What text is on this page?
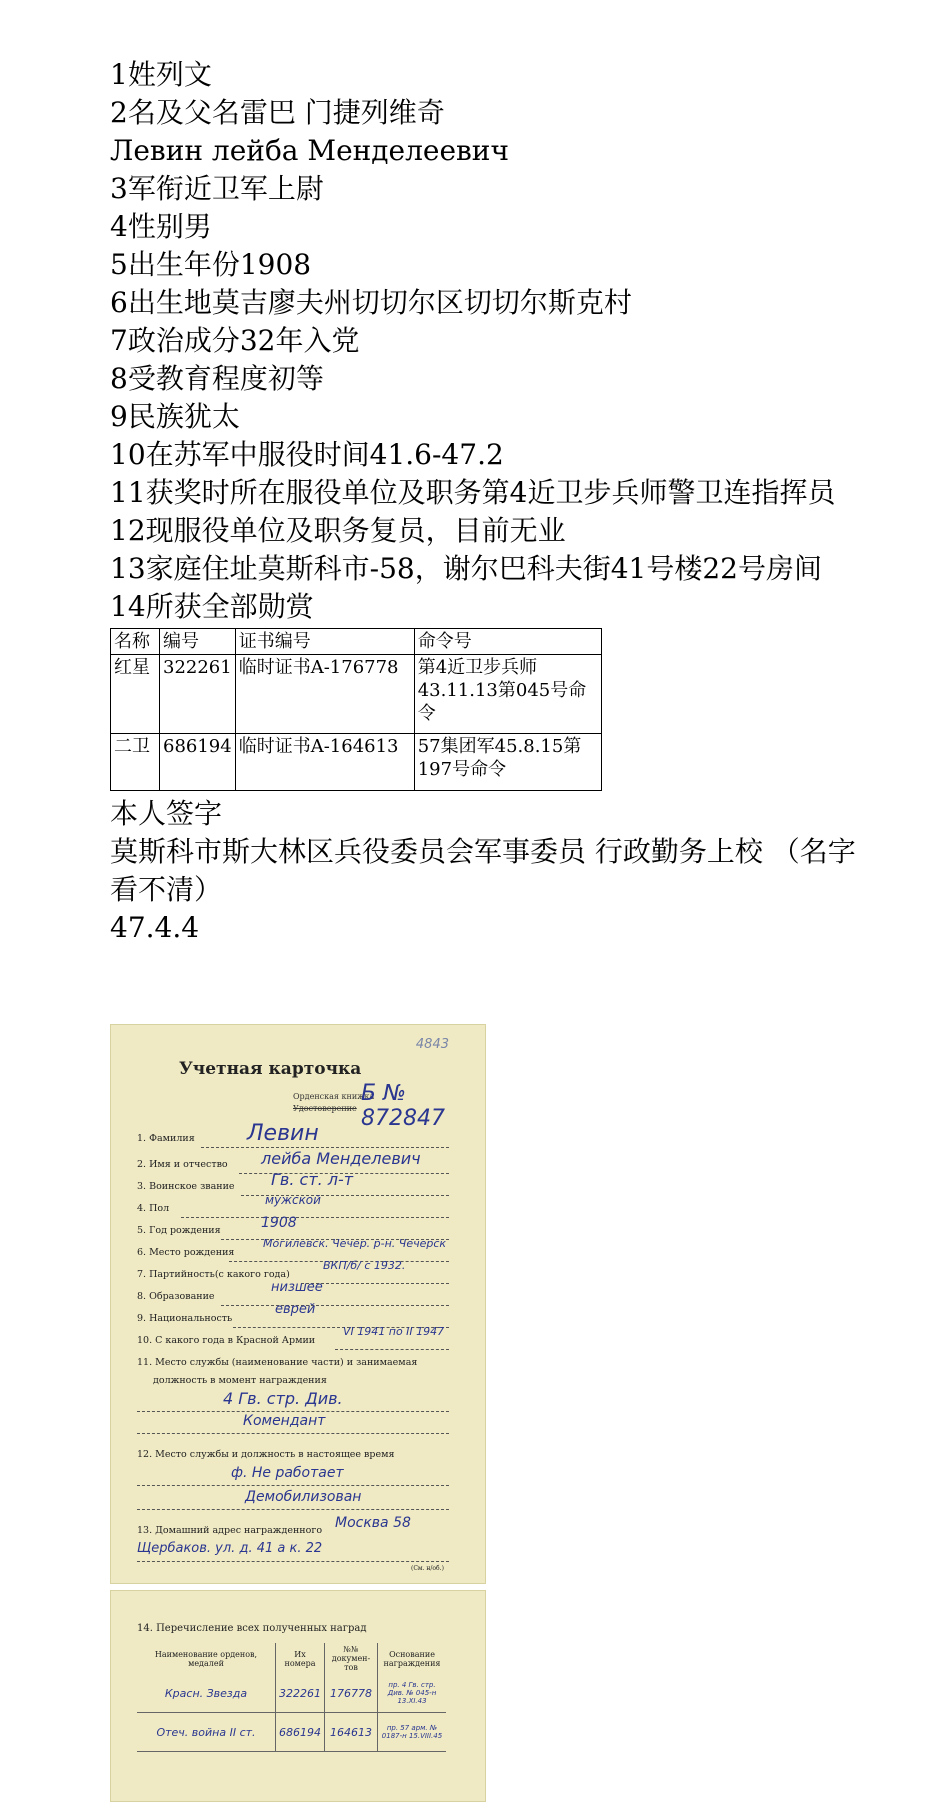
1姓列文
2名及父名雷巴 门捷列维奇
Левин лейба Менделеевич
3军衔近卫军上尉
4性别男
5出生年份1908
6出生地莫吉廖夫州切切尔区切切尔斯克村
7政治成分32年入党
8受教育程度初等
9民族犹太
10在苏军中服役时间41.6-47.2
11获奖时所在服役单位及职务第4近卫步兵师警卫连指挥员
12现服役单位及职务复员，目前无业
13家庭住址莫斯科市-58，谢尔巴科夫街41号楼22号房间
14所获全部勋赏
名称	编号	证书编号	命令号
红星	322261	临时证书A-176778	第4近卫步兵师43.11.13第045号命令
二卫	686194	临时证书A-164613	57集团军45.8.15第197号命令
本人签字
莫斯科市斯大林区兵役委员会军事委员 行政勤务上校 （名字看不清）
47.4.4
4843
Учетная карточка
Орденская книжка
Удостоверение
Б № 872847
1. Фамилия Левин
2. Имя и отчество лейба Менделевич
3. Воинское звание Гв. ст. л-т
4. Пол
мужской
5. Год рождения	1908
6. Место рождения
Могилевск. Чечер. р-н. Чечерск
7. Партийность(с какого года)
ВКП/б/ с 1932.
8. Образование
низшее
9. Национальность
еврей
10. С какого года в Красной Армии
VI 1941 по II 1947
11. Место службы (наименование части) и занимаемая
должность в момент награждения
4 Гв. стр. Див.
Комендант
12. Место службы и должность в настоящее время
ф. Не работает
Демобилизован
13. Домашний адрес награжденного Москва 58
Щербаков. ул. д. 41 а к. 22
(См. н/об.)
14. Перечисление всех полученных наград
Наименование орденов, медалей	Их номера	№№ докумен-тов	Основание награждения
Красн. Звезда	322261	176778	пр. 4 Гв. стр. Див. № 045-н 13.XI.43
Отеч. война II ст.	686194	164613	пр. 57 арм. № 0187-н 15.VIII.45
